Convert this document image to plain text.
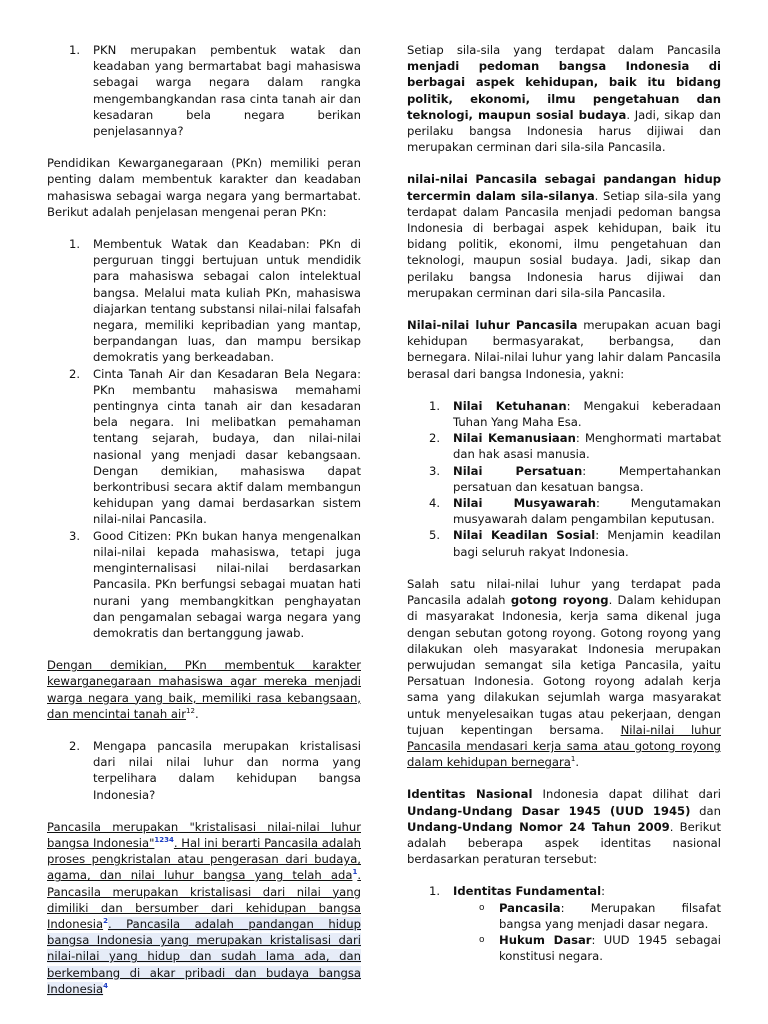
1. PKN merupakan pembentuk watak dan keadaban yang bermartabat bagi mahasiswa sebagai warga negara dalam rangka mengembangkandan rasa cinta tanah air dan kesadaran bela negara berikan penjelasannya?

Pendidikan Kewarganegaraan (PKn) memiliki peran penting dalam membentuk karakter dan keadaban mahasiswa sebagai warga negara yang bermartabat. Berikut adalah penjelasan mengenai peran PKn:

1. Membentuk Watak dan Keadaban: PKn di perguruan tinggi bertujuan untuk mendidik para mahasiswa sebagai calon intelektual bangsa. Melalui mata kuliah PKn, mahasiswa diajarkan tentang substansi nilai-nilai falsafah negara, memiliki kepribadian yang mantap, berpandangan luas, dan mampu bersikap demokratis yang berkeadaban.
2. Cinta Tanah Air dan Kesadaran Bela Negara: PKn membantu mahasiswa memahami pentingnya cinta tanah air dan kesadaran bela negara. Ini melibatkan pemahaman tentang sejarah, budaya, dan nilai-nilai nasional yang menjadi dasar kebangsaan. Dengan demikian, mahasiswa dapat berkontribusi secara aktif dalam membangun kehidupan yang damai berdasarkan sistem nilai-nilai Pancasila.
3. Good Citizen: PKn bukan hanya mengenalkan nilai-nilai kepada mahasiswa, tetapi juga menginternalisasi nilai-nilai berdasarkan Pancasila. PKn berfungsi sebagai muatan hati nurani yang membangkitkan penghayatan dan pengamalan sebagai warga negara yang demokratis dan bertanggung jawab.

Dengan demikian, PKn membentuk karakter kewarganegaraan mahasiswa agar mereka menjadi warga negara yang baik, memiliki rasa kebangsaan, dan mencintai tanah air$^{12}$.

2. Mengapa pancasila merupakan kristalisasi dari nilai nilai luhur dan norma yang terpelihara dalam kehidupan bangsa Indonesia?

Pancasila merupakan "kristalisasi nilai-nilai luhur bangsa Indonesia"$^{1234}$. Hal ini berarti Pancasila adalah proses pengkristalan atau pengerasan dari budaya, agama, dan nilai luhur bangsa yang telah ada$^1$. Pancasila merupakan kristalisasi dari nilai yang dimiliki dan bersumber dari kehidupan bangsa Indonesia$^2$. Pancasila adalah pandangan hidup bangsa Indonesia yang merupakan kristalisasi dari nilai-nilai yang hidup dan sudah lama ada, dan berkembang di akar pribadi dan budaya bangsa Indonesia$^4$

Setiap sila-sila yang terdapat dalam Pancasila menjadi pedoman bangsa Indonesia di berbagai aspek kehidupan, baik itu bidang politik, ekonomi, ilmu pengetahuan dan teknologi, maupun sosial budaya. Jadi, sikap dan perilaku bangsa Indonesia harus dijiwai dan merupakan cerminan dari sila-sila Pancasila.

nilai-nilai Pancasila sebagai pandangan hidup tercermin dalam sila-silanya. Setiap sila-sila yang terdapat dalam Pancasila menjadi pedoman bangsa Indonesia di berbagai aspek kehidupan, baik itu bidang politik, ekonomi, ilmu pengetahuan dan teknologi, maupun sosial budaya. Jadi, sikap dan perilaku bangsa Indonesia harus dijiwai dan merupakan cerminan dari sila-sila Pancasila.

Nilai-nilai luhur Pancasila merupakan acuan bagi kehidupan bermasyarakat, berbangsa, dan bernegara. Nilai-nilai luhur yang lahir dalam Pancasila berasal dari bangsa Indonesia, yakni:

1. Nilai Ketuhanan: Mengakui keberadaan Tuhan Yang Maha Esa.
2. Nilai Kemanusiaan: Menghormati martabat dan hak asasi manusia.
3. Nilai Persatuan: Mempertahankan persatuan dan kesatuan bangsa.
4. Nilai Musyawarah: Mengutamakan musyawarah dalam pengambilan keputusan.
5. Nilai Keadilan Sosial: Menjamin keadilan bagi seluruh rakyat Indonesia.

Salah satu nilai-nilai luhur yang terdapat pada Pancasila adalah gotong royong. Dalam kehidupan di masyarakat Indonesia, kerja sama dikenal juga dengan sebutan gotong royong. Gotong royong yang dilakukan oleh masyarakat Indonesia merupakan perwujudan semangat sila ketiga Pancasila, yaitu Persatuan Indonesia. Gotong royong adalah kerja sama yang dilakukan sejumlah warga masyarakat untuk menyelesaikan tugas atau pekerjaan, dengan tujuan kepentingan bersama. Nilai-nilai luhur Pancasila mendasari kerja sama atau gotong royong dalam kehidupan bernegara$^1$.

Identitas Nasional Indonesia dapat dilihat dari Undang-Undang Dasar 1945 (UUD 1945) dan Undang-Undang Nomor 24 Tahun 2009. Berikut adalah beberapa aspek identitas nasional berdasarkan peraturan tersebut:

1. Identitas Fundamental:
o Pancasila: Merupakan filsafat bangsa yang menjadi dasar negara.
o Hukum Dasar: UUD 1945 sebagai konstitusi negara.
